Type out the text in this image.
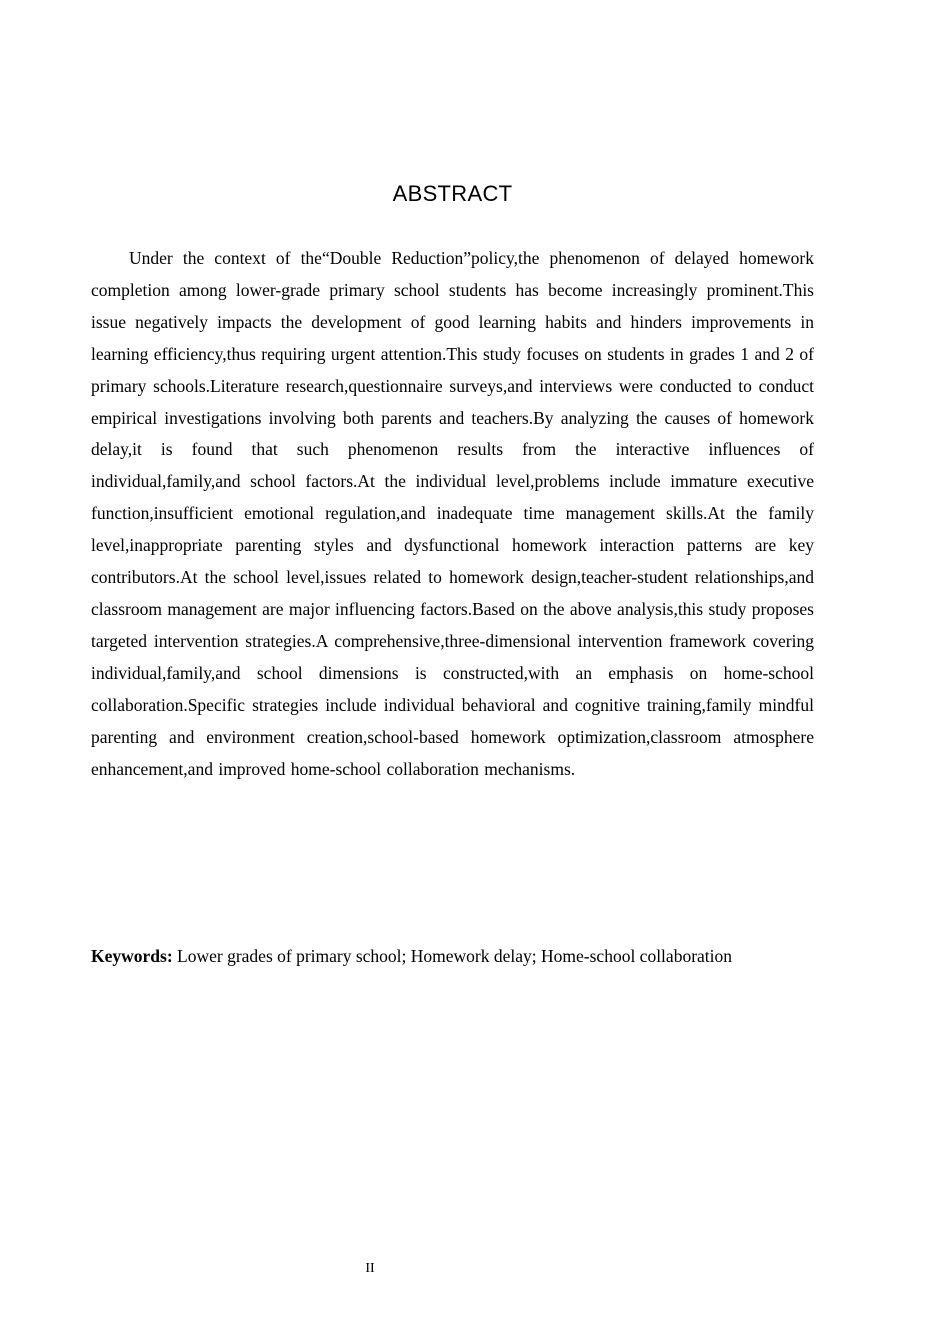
ABSTRACT

Under the context of the“Double Reduction”policy,the phenomenon of delayed homework completion among lower-grade primary school students has become increasingly prominent.This issue negatively impacts the development of good learning habits and hinders improvements in learning efficiency,thus requiring urgent attention.This study focuses on students in grades 1 and 2 of primary schools.Literature research,questionnaire surveys,and interviews were conducted to conduct empirical investigations involving both parents and teachers.By analyzing the causes of homework delay,it is found that such phenomenon results from the interactive influences of individual,family,and school factors.At the individual level,problems include immature executive function,insufficient emotional regulation,and inadequate time management skills.At the family level,inappropriate parenting styles and dysfunctional homework interaction patterns are key contributors.At the school level,issues related to homework design,teacher-student relationships,and classroom management are major influencing factors.Based on the above analysis,this study proposes targeted intervention strategies.A comprehensive,three-dimensional intervention framework covering individual,family,and school dimensions is constructed,with an emphasis on home-school collaboration.Specific strategies include individual behavioral and cognitive training,family mindful parenting and environment creation,school-based homework optimization,classroom atmosphere enhancement,and improved home-school collaboration mechanisms.

Keywords: Lower grades of primary school; Homework delay; Home-school collaboration

II
